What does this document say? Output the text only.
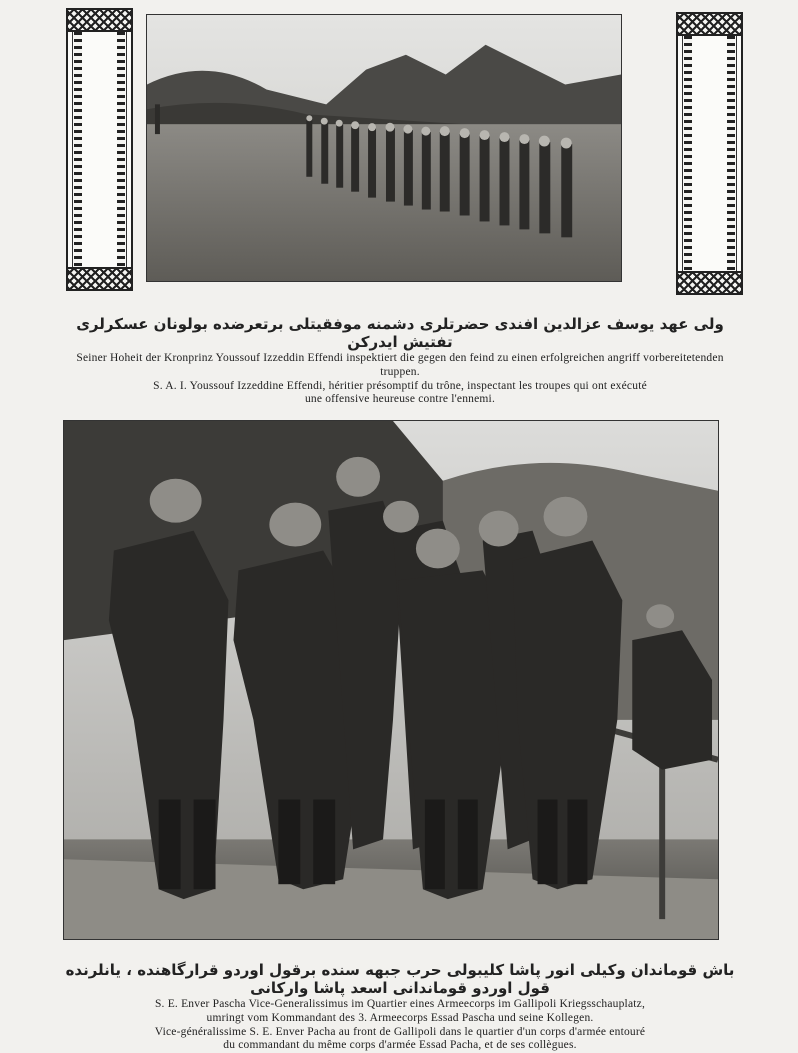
ولی عهد یوسف عزالدین افندی حضرتلری دشمنه موفقیتلی برتعرضده بولونان عسکرلری تفتیش ایدرکن

Seiner Hoheit der Kronprinz Youssouf Izzeddin Effendi inspektiert die gegen den feind zu einen erfolgreichen angriff vorbereitetenden truppen.

S. A. I. Youssouf Izzeddine Effendi, héritier présomptif du trône, inspectant les troupes qui ont exécuté

une offensive heureuse contre l'ennemi.

باش قوماندان وکیلی انور پاشا کلیبولی حرب جبهه سنده برقول اوردو قرارگاهنده ، یانلرنده قول اوردو قوماندانی اسعد پاشا وارکانی

S. E. Enver Pascha Vice-Generalissimus im Quartier eines Armeecorps im Gallipoli Kriegsschauplatz,

umringt vom Kommandant des 3. Armeecorps Essad Pascha und seine Kollegen.

Vice-généralissime S. E. Enver Pacha au front de Gallipoli dans le quartier d'un corps d'armée entouré

du commandant du même corps d'armée Essad Pacha, et de ses collègues.
